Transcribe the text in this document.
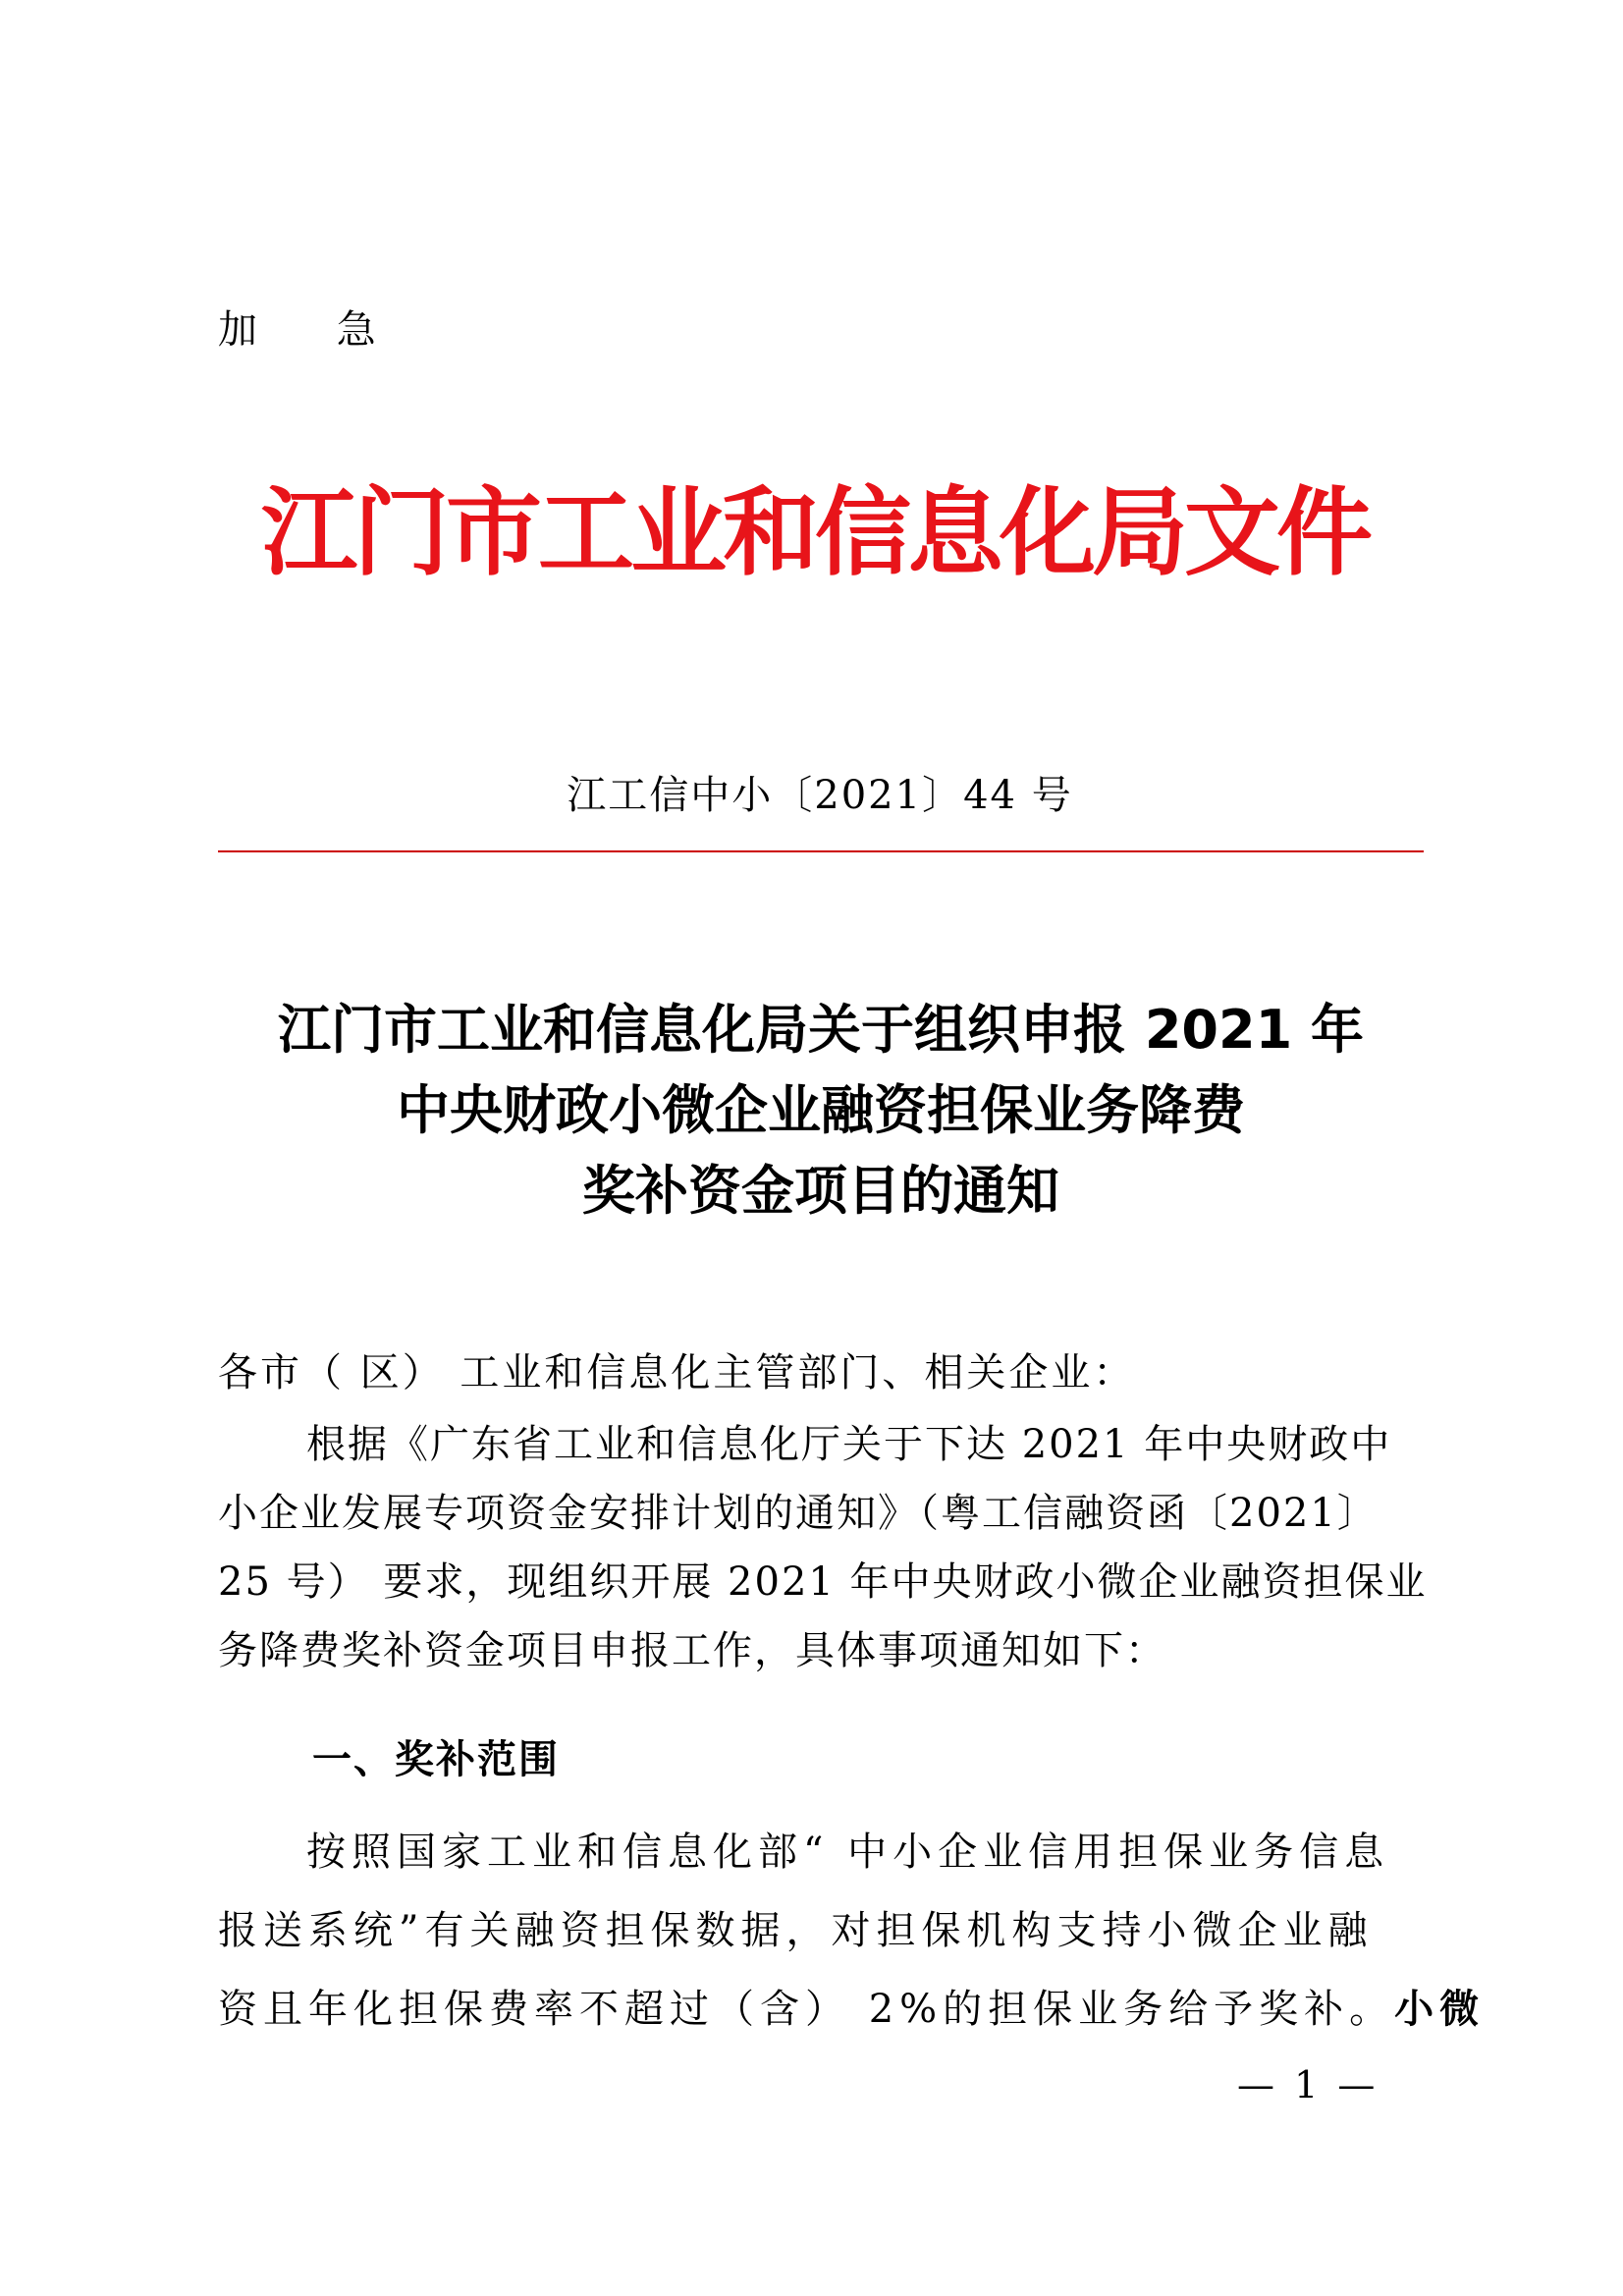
加 急
江门市工业和信息化局文件
江工信中小〔2021〕44 号
江门市工业和信息化局关于组织申报 2021 年
中央财政小微企业融资担保业务降费
奖补资金项目的通知
各市（ 区） 工业和信息化主管部门、相关企业：
根据《广东省工业和信息化厅关于下达 2021 年中央财政中
小企业发展专项资金安排计划的通知》（粤工信融资函〔2021〕
25 号） 要求，现组织开展 2021 年中央财政小微企业融资担保业
务降费奖补资金项目申报工作，具体事项通知如下：
一、奖补范围
按照国家工业和信息化部“ 中小企业信用担保业务信息
报送系统”有关融资担保数据，对担保机构支持小微企业融
资且年化担保费率不超过（含） 2%的担保业务给予奖补。小微
— 1 —
